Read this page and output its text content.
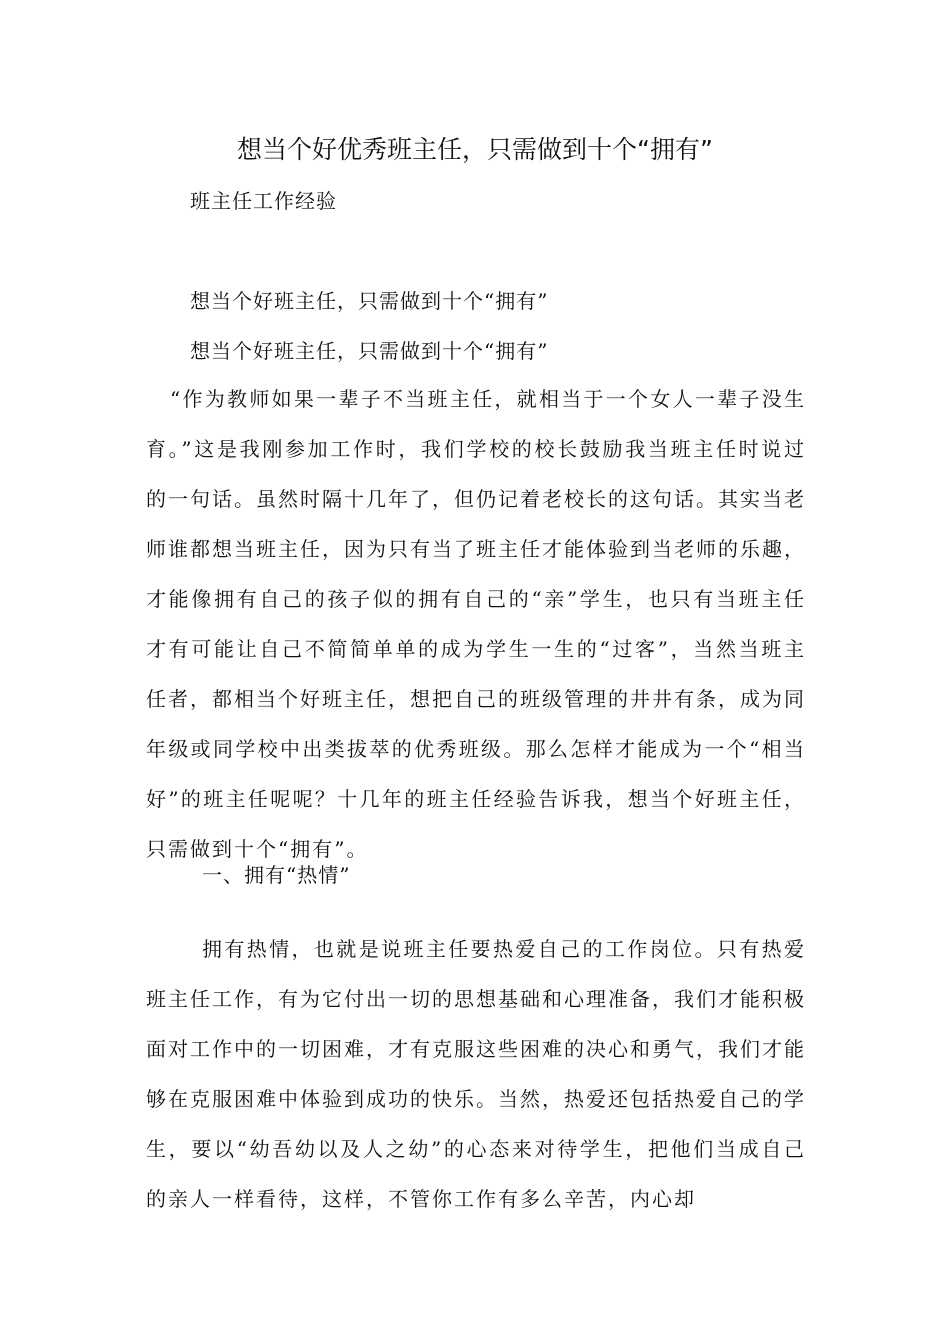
想当个好优秀班主任，只需做到十个“拥有”

班主任工作经验

想当个好班主任，只需做到十个“拥有”

想当个好班主任，只需做到十个“拥有”

“作为教师如果一辈子不当班主任，就相当于一个女人一辈子没生育。”这是我刚参加工作时，我们学校的校长鼓励我当班主任时说过的一句话。虽然时隔十几年了，但仍记着老校长的这句话。其实当老师谁都想当班主任，因为只有当了班主任才能体验到当老师的乐趣，才能像拥有自己的孩子似的拥有自己的“亲”学生，也只有当班主任才有可能让自己不简简单单的成为学生一生的“过客”，当然当班主任者，都相当个好班主任，想把自己的班级管理的井井有条，成为同年级或同学校中出类拔萃的优秀班级。那么怎样才能成为一个“相当好”的班主任呢呢？十几年的班主任经验告诉我，想当个好班主任，只需做到十个“拥有”。

一、拥有“热情”

拥有热情，也就是说班主任要热爱自己的工作岗位。只有热爱班主任工作，有为它付出一切的思想基础和心理准备，我们才能积极面对工作中的一切困难，才有克服这些困难的决心和勇气，我们才能够在克服困难中体验到成功的快乐。当然，热爱还包括热爱自己的学生，要以“幼吾幼以及人之幼”的心态来对待学生，把他们当成自己的亲人一样看待，这样，不管你工作有多么辛苦，内心却
